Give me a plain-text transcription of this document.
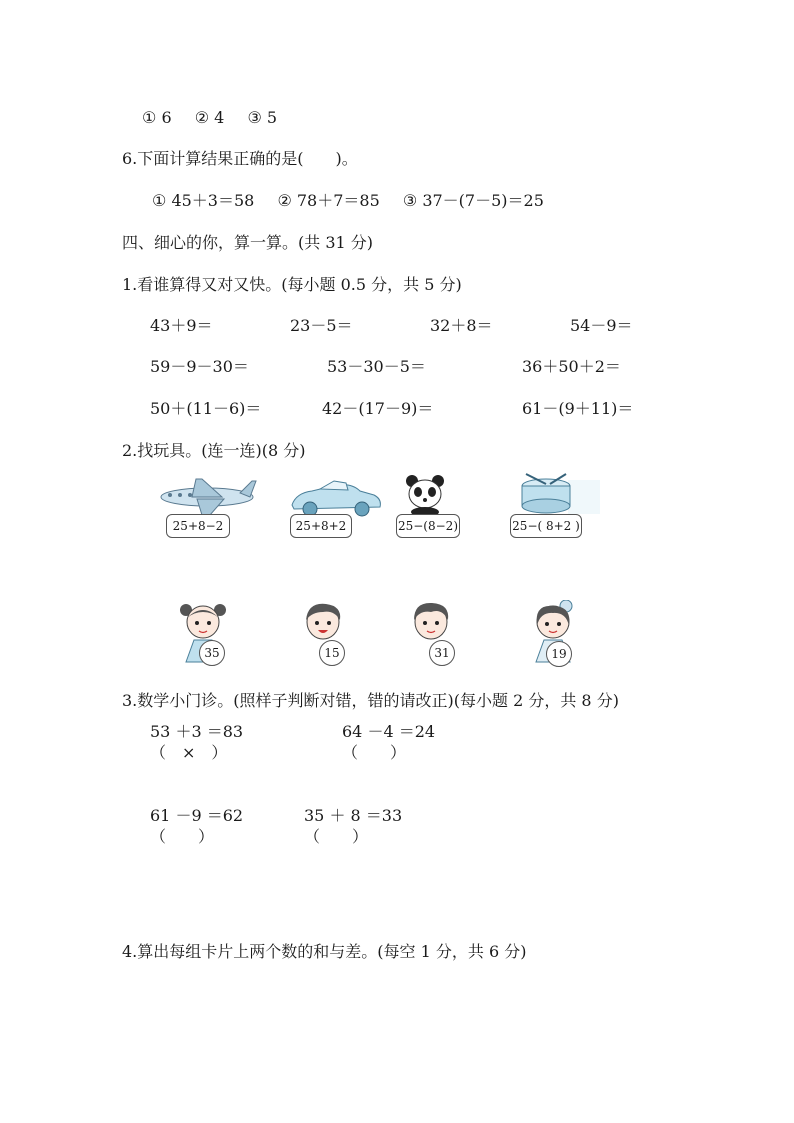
① 6 ② 4 ③ 5
6.下面计算结果正确的是(　　)。
① 45＋3＝58 ② 78＋7＝85 ③ 37－(7－5)＝25
四、细心的你，算一算。(共 31 分)
1.看谁算得又对又快。(每小题 0.5 分，共 5 分)
43＋9＝	23－5＝	32＋8＝	54－9＝
59－9－30＝	53－30－5＝	36＋50＋2＝
50＋(11－6)＝	42－(17－9)＝	61－(9＋11)＝
2.找玩具。(连一连)(8 分)
25+8−2	25+8+2	25−(8−2)	25−( 8+2 )
35	15	31	19
3.数学小门诊。(照样子判断对错，错的请改正)(每小题 2 分，共 8 分)
53 ＋3 ＝83
（　×　）
64 －4 ＝24
（　　）
61 －9 ＝62
（　　）
35 ＋ 8 ＝33
（　　）
4.算出每组卡片上两个数的和与差。(每空 1 分，共 6 分)
